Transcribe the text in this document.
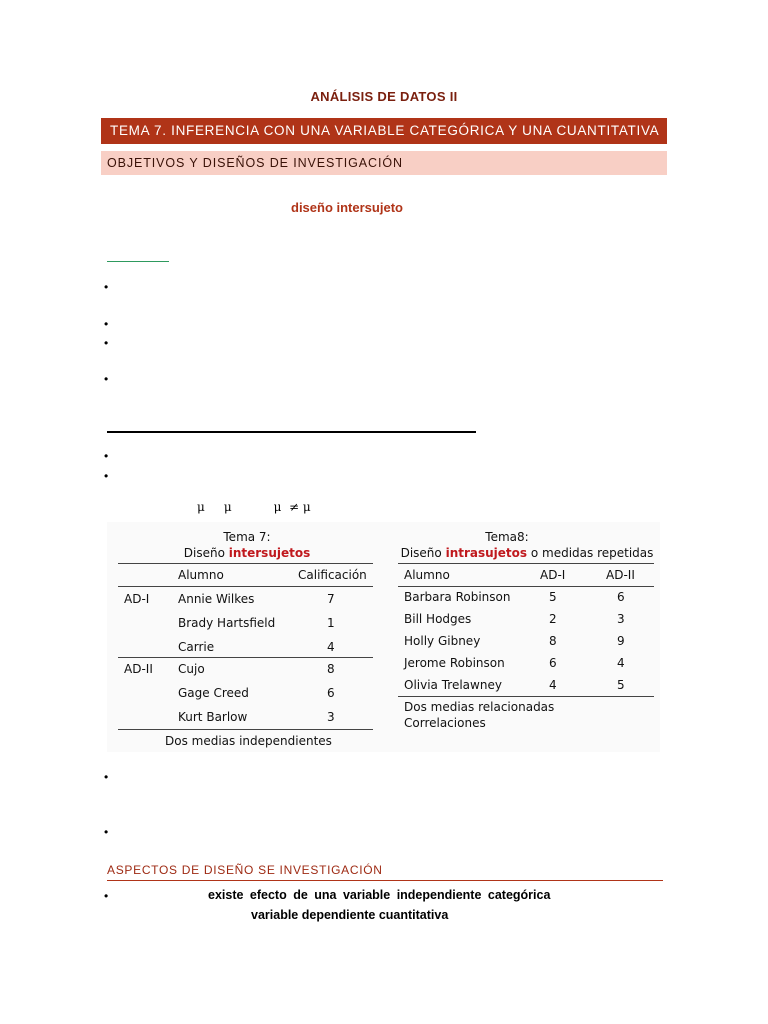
ANÁLISIS DE DATOS II
TEMA 7. INFERENCIA CON UNA VARIABLE CATEGÓRICA Y UNA CUANTITATIVA
OBJETIVOS Y DISEÑOS DE INVESTIGACIÓN
diseño intersujeto
•
•
•
•
•
•
μ     μ           μ  ≠ μ
Tema 7:
Diseño intersujetos
Alumno	Calificación
AD-I Annie Wilkes	7
Brady Hartsfield	1
Carrie	4
AD-II Cujo	8
Gage Creed	6
Kurt Barlow	3
Dos medias independientes
Tema8:
Diseño intrasujetos o medidas repetidas
Alumno	AD-I	AD-II
Barbara Robinson	5	6
Bill Hodges	2	3
Holly Gibney	8	9
Jerome Robinson	6	4
Olivia Trelawney	4	5
Dos medias relacionadas
Correlaciones
•
•
ASPECTOS DE DISEÑO SE INVESTIGACIÓN
•	existe efecto de una variable independiente categórica
variable dependiente cuantitativa
